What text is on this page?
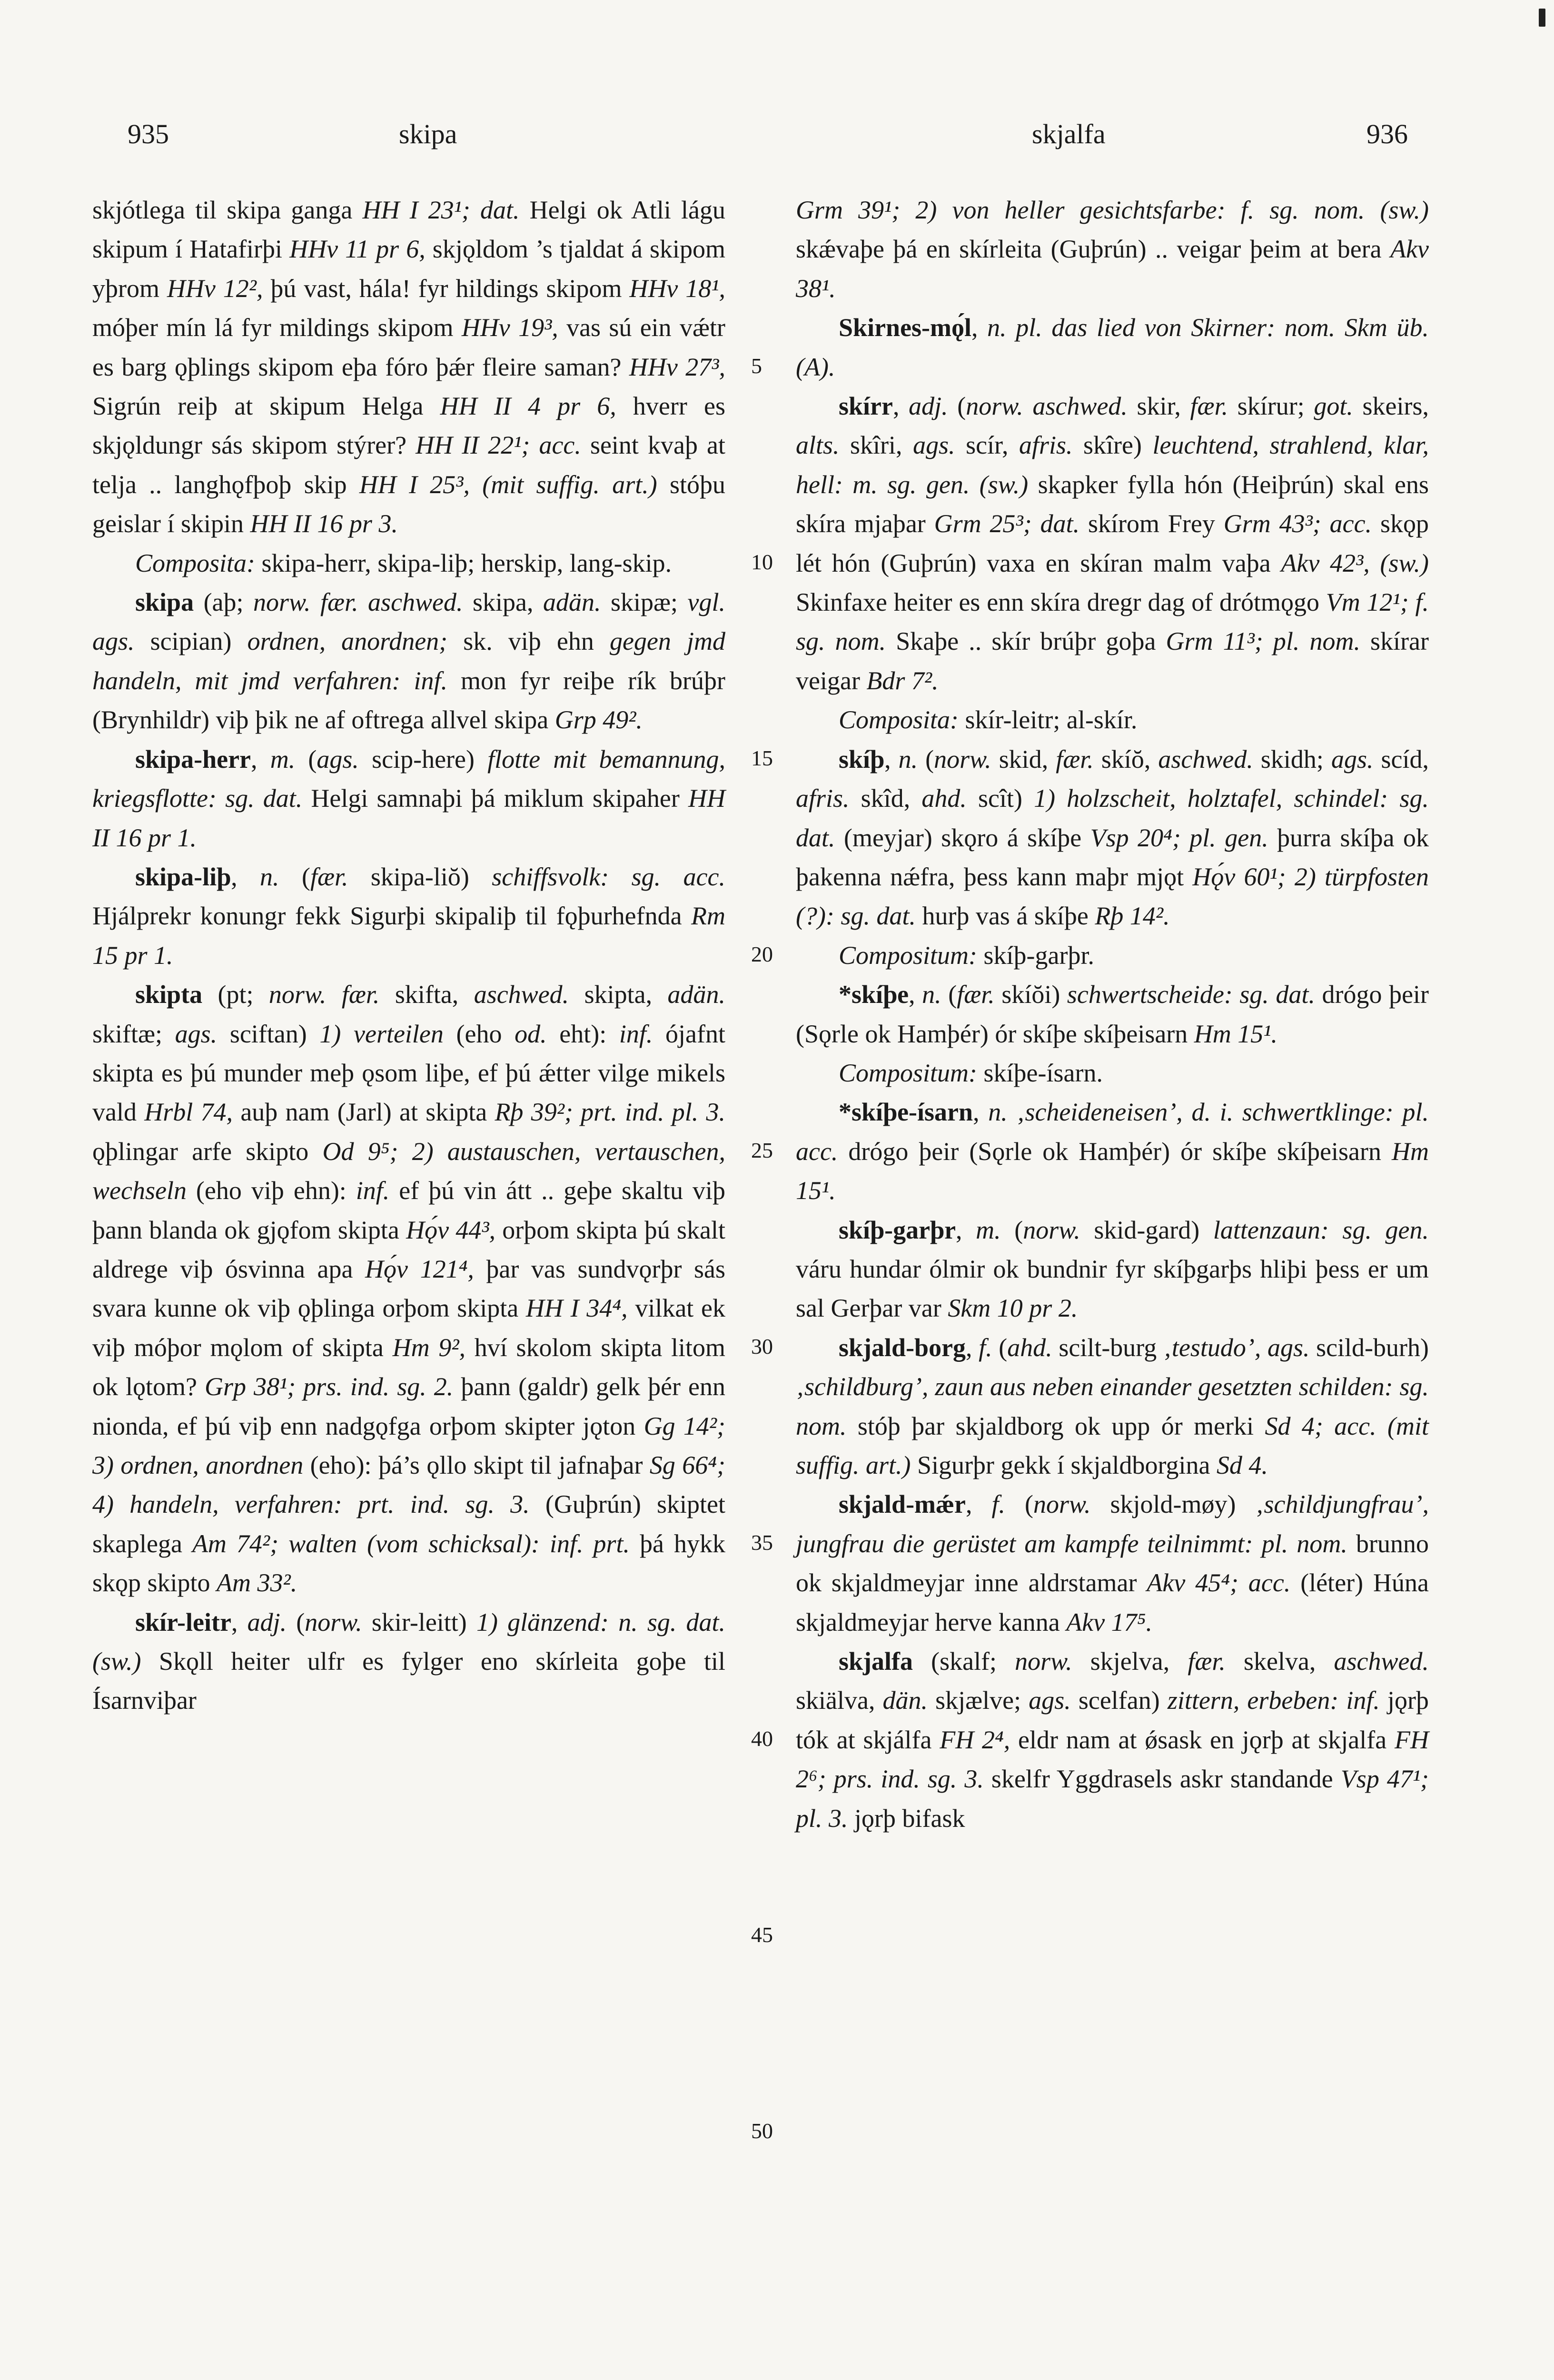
935	skipa	skjalfa	936

skjótlega til skipa ganga HH I 23¹; dat. Helgi ok Atli lágu skipum í Hatafirþi HHv 11 pr 6, skjǫldom ’s tjaldat á skipom yþrom HHv 12², þú vast, hála! fyr hildings skipom HHv 18¹, móþer mín lá fyr mildings skipom HHv 19³, vas sú ein vǽtr es barg ǫþlings skipom eþa fóro þǽr fleire saman? HHv 27³, Sigrún reiþ at skipum Helga HH II 4 pr 6, hverr es skjǫldungr sás skipom stýrer? HH II 22¹; acc. seint kvaþ at telja .. langhǫfþoþ skip HH I 25³, (mit suffig. art.) stóþu geislar í skipin HH II 16 pr 3.

Composita: skipa-herr, skipa-liþ; herskip, lang-skip.

skipa (aþ; norw. fær. aschwed. skipa, adän. skipæ; vgl. ags. scipian) ordnen, anordnen; sk. viþ ehn gegen jmd handeln, mit jmd verfahren: inf. mon fyr reiþe rík brúþr (Brynhildr) viþ þik ne af oftrega allvel skipa Grp 49².

skipa-herr, m. (ags. scip-here) flotte mit bemannung, kriegsflotte: sg. dat. Helgi samnaþi þá miklum skipaher HH II 16 pr 1.

skipa-liþ, n. (fær. skipa-liŏ) schiffsvolk: sg. acc. Hjálprekr konungr fekk Sigurþi skipaliþ til fǫþurhefnda Rm 15 pr 1.

skipta (pt; norw. fær. skifta, aschwed. skipta, adän. skiftæ; ags. sciftan) 1) verteilen (eho od. eht): inf. ójafnt skipta es þú munder meþ ǫsom liþe, ef þú ǽtter vilge mikels vald Hrbl 74, auþ nam (Jarl) at skipta Rþ 39²; prt. ind. pl. 3. ǫþlingar arfe skipto Od 9⁵; 2) austauschen, vertauschen, wechseln (eho viþ ehn): inf. ef þú vin átt .. geþe skaltu viþ þann blanda ok gjǫfom skipta Hǫ́v 44³, orþom skipta þú skalt aldrege viþ ósvinna apa Hǫ́v 121⁴, þar vas sundvǫrþr sás svara kunne ok viþ ǫþlinga orþom skipta HH I 34⁴, vilkat ek viþ móþor mǫlom of skipta Hm 9², hví skolom skipta litom ok lǫtom? Grp 38¹; prs. ind. sg. 2. þann (galdr) gelk þér enn nionda, ef þú viþ enn nadgǫfga orþom skipter jǫton Gg 14²; 3) ordnen, anordnen (eho): þá’s ǫllo skipt til jafnaþar Sg 66⁴; 4) handeln, verfahren: prt. ind. sg. 3. (Guþrún) skiptet skaplega Am 74²; walten (vom schicksal): inf. prt. þá hykk skǫp skipto Am 33².

skír-leitr, adj. (norw. skir-leitt) 1) glänzend: n. sg. dat. (sw.) Skǫll heiter ulfr es fylger eno skírleita goþe til Ísarnviþar

5
10
15
20
25
30
35
40
45
50

Grm 39¹; 2) von heller gesichtsfarbe: f. sg. nom. (sw.) skǽvaþe þá en skírleita (Guþrún) .. veigar þeim at bera Akv 38¹.

Skirnes-mǫ́l, n. pl. das lied von Skirner: nom. Skm üb. (A).

skírr, adj. (norw. aschwed. skir, fær. skírur; got. skeirs, alts. skîri, ags. scír, afris. skîre) leuchtend, strahlend, klar, hell: m. sg. gen. (sw.) skapker fylla hón (Heiþrún) skal ens skíra mjaþar Grm 25³; dat. skírom Frey Grm 43³; acc. skǫp lét hón (Guþrún) vaxa en skíran malm vaþa Akv 42³, (sw.) Skinfaxe heiter es enn skíra dregr dag of drótmǫgo Vm 12¹; f. sg. nom. Skaþe .. skír brúþr goþa Grm 11³; pl. nom. skírar veigar Bdr 7².

Composita: skír-leitr; al-skír.

skíþ, n. (norw. skid, fær. skíŏ, aschwed. skidh; ags. scíd, afris. skîd, ahd. scît) 1) holzscheit, holztafel, schindel: sg. dat. (meyjar) skǫro á skíþe Vsp 20⁴; pl. gen. þurra skíþa ok þakenna nǽfra, þess kann maþr mjǫt Hǫ́v 60¹; 2) türpfosten (?): sg. dat. hurþ vas á skíþe Rþ 14².

Compositum: skíþ-garþr.

*skíþe, n. (fær. skíŏi) schwertscheide: sg. dat. drógo þeir (Sǫrle ok Hamþér) ór skíþe skíþeisarn Hm 15¹.

Compositum: skíþe-ísarn.

*skíþe-ísarn, n. ‚scheideneisen’, d. i. schwertklinge: pl. acc. drógo þeir (Sǫrle ok Hamþér) ór skíþe skíþeisarn Hm 15¹.

skíþ-garþr, m. (norw. skid-gard) lattenzaun: sg. gen. váru hundar ólmir ok bundnir fyr skíþgarþs hliþi þess er um sal Gerþar var Skm 10 pr 2.

skjald-borg, f. (ahd. scilt-burg ‚testudo’, ags. scild-burh) ‚schildburg’, zaun aus neben einander gesetzten schilden: sg. nom. stóþ þar skjaldborg ok upp ór merki Sd 4; acc. (mit suffig. art.) Sigurþr gekk í skjaldborgina Sd 4.

skjald-mǽr, f. (norw. skjold-møy) ‚schildjungfrau’, jungfrau die gerüstet am kampfe teilnimmt: pl. nom. brunno ok skjaldmeyjar inne aldrstamar Akv 45⁴; acc. (léter) Húna skjaldmeyjar herve kanna Akv 17⁵.

skjalfa (skalf; norw. skjelva, fær. skelva, aschwed. skiälva, dän. skjælve; ags. scelfan) zittern, erbeben: inf. jǫrþ tók at skjálfa FH 2⁴, eldr nam at ǿsask en jǫrþ at skjalfa FH 2⁶; prs. ind. sg. 3. skelfr Yggdrasels askr standande Vsp 47¹; pl. 3. jǫrþ bifask
